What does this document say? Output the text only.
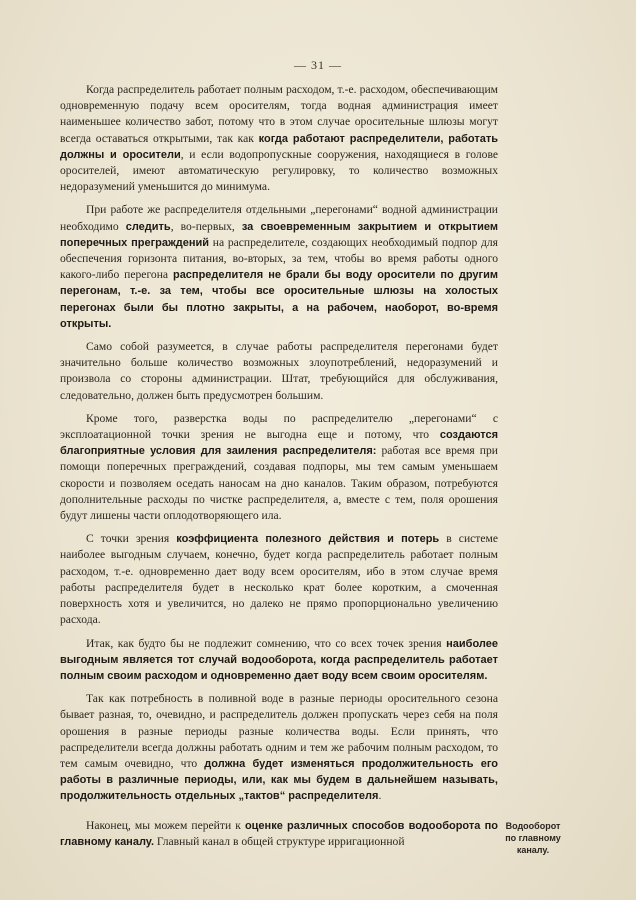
— 31 —

Когда распределитель работает полным расходом, т.-е. расходом, обеспечивающим одновременную подачу всем оросителям, тогда водная администрация имеет наименьшее количество забот, потому что в этом случае оросительные шлюзы могут всегда оставаться открытыми, так как когда работают распределители, работать должны и оросители, и если водопропускные сооружения, находящиеся в голове оросителей, имеют автоматическую регулировку, то количество возможных недоразумений уменьшится до минимума.

При работе же распределителя отдельными „перегонами“ водной администрации необходимо следить, во-первых, за своевременным закрытием и открытием поперечных преграждений на распределителе, создающих необходимый подпор для обеспечения горизонта питания, во-вторых, за тем, чтобы во время работы одного какого-либо перегона распределителя не брали бы воду оросители по другим перегонам, т.-е. за тем, чтобы все оросительные шлюзы на холостых перегонах были бы плотно закрыты, а на рабочем, наоборот, во-время открыты.

Само собой разумеется, в случае работы распределителя перегонами будет значительно больше количество возможных злоупотреблений, недоразумений и произвола со стороны администрации. Штат, требующийся для обслуживания, следовательно, должен быть предусмотрен большим.

Кроме того, разверстка воды по распределителю „перегонами“ с эксплоатационной точки зрения не выгодна еще и потому, что создаются благоприятные условия для заиления распределителя: работая все время при помощи поперечных преграждений, создавая подпоры, мы тем самым уменьшаем скорости и позволяем оседать наносам на дно каналов. Таким образом, потребуются дополнительные расходы по чистке распределителя, а, вместе с тем, поля орошения будут лишены части оплодотворяющего ила.

С точки зрения коэффициента полезного действия и потерь в системе наиболее выгодным случаем, конечно, будет когда распределитель работает полным расходом, т.-е. одновременно дает воду всем оросителям, ибо в этом случае время работы распределителя будет в несколько крат более коротким, а смоченная поверхность хотя и увеличится, но далеко не прямо пропорционально увеличению расхода.

Итак, как будто бы не подлежит сомнению, что со всех точек зрения наиболее выгодным является тот случай водооборота, когда распределитель работает полным своим расходом и одновременно дает воду всем своим оросителям.

Так как потребность в поливной воде в разные периоды оросительного сезона бывает разная, то, очевидно, и распределитель должен пропускать через себя на поля орошения в разные периоды разные количества воды. Если принять, что распределители всегда должны работать одним и тем же рабочим полным расходом, то тем самым очевидно, что должна будет изменяться продолжительность его работы в различные периоды, или, как мы будем в дальнейшем называть, продолжительность отдельных „тактов“ распределителя.

Наконец, мы можем перейти к оценке различных способов водооборота по главному каналу. Главный канал в общей структуре ирригационной

Водооборот
по главному
каналу.
